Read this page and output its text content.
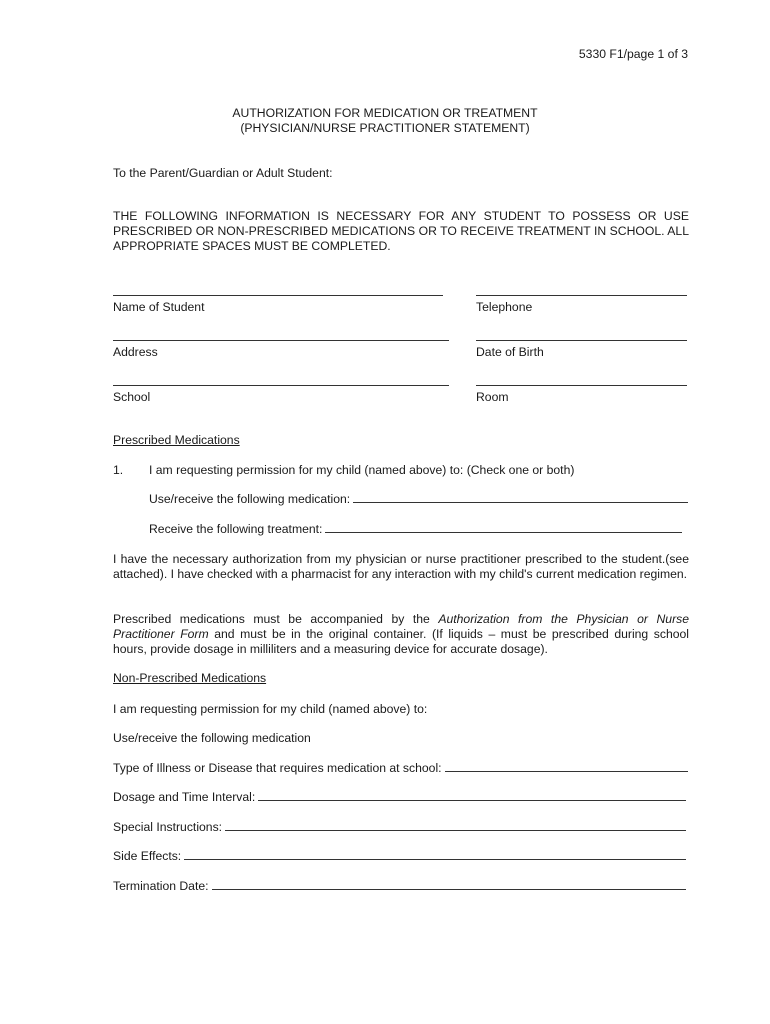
5330 F1/page 1 of 3
AUTHORIZATION FOR MEDICATION OR TREATMENT
(PHYSICIAN/NURSE PRACTITIONER STATEMENT)
To the Parent/Guardian or Adult Student:
THE FOLLOWING INFORMATION IS NECESSARY FOR ANY STUDENT TO POSSESS OR USE PRESCRIBED OR NON-PRESCRIBED MEDICATIONS OR TO RECEIVE TREATMENT IN SCHOOL. ALL APPROPRIATE SPACES MUST BE COMPLETED.
Name of Student	Telephone
Address	Date of Birth
School	Room
Prescribed Medications
1. I am requesting permission for my child (named above) to: (Check one or both)
Use/receive the following medication:
Receive the following treatment:
I have the necessary authorization from my physician or nurse practitioner prescribed to the student.(see attached). I have checked with a pharmacist for any interaction with my child's current medication regimen.
Prescribed medications must be accompanied by the Authorization from the Physician or Nurse Practitioner Form and must be in the original container. (If liquids – must be prescribed during school hours, provide dosage in milliliters and a measuring device for accurate dosage).
Non-Prescribed Medications
I am requesting permission for my child (named above) to:
Use/receive the following medication
Type of Illness or Disease that requires medication at school:
Dosage and Time Interval:
Special Instructions:
Side Effects:
Termination Date:
